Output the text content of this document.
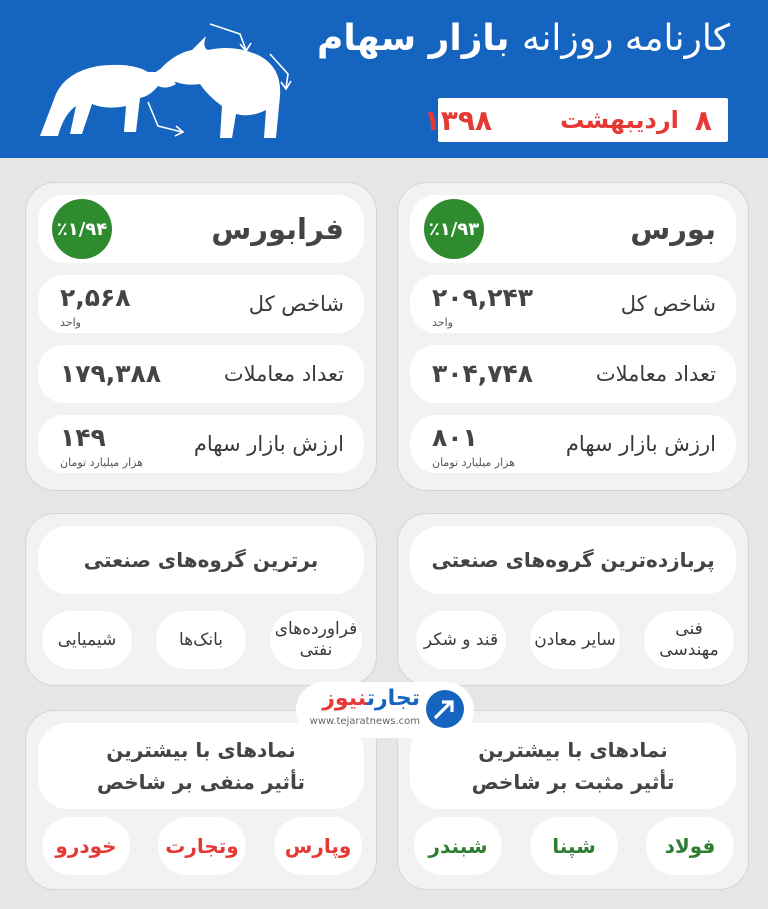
کارنامه روزانه بازار سهام
۸
اردیبهشت
۱۳۹۸
بورس
٪۱/۹۳
شاخص کل
۲۰۹,۲۴۳
واحد
تعداد معاملات
۳۰۴,۷۴۸
ارزش بازار سهام
۸۰۱
هزار میلیارد تومان
فرابورس
٪۱/۹۴
شاخص کل
۲,۵۶۸
واحد
تعداد معاملات
۱۷۹,۳۸۸
ارزش بازار سهام
۱۴۹
هزار میلیارد تومان
پربازده‌ترین گروه‌های صنعتی
فنی مهندسی
سایر معادن
قند و شکر
برترین گروه‌های صنعتی
فراورده‌های نفتی
بانک‌ها
شیمیایی
نمادهای با بیشترین
تأثیر مثبت بر شاخص
فولاد
شپنا
شبندر
نمادهای با بیشترین
تأثیر منفی بر شاخص
وپارس
وتجارت
خودرو
تجارتنیوز
www.tejaratnews.com
